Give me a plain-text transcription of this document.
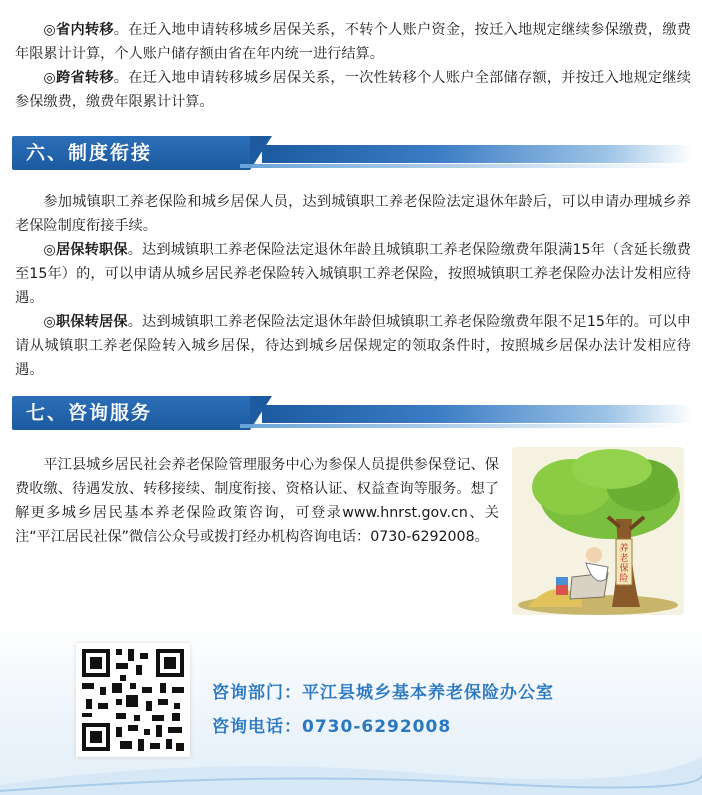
◎省内转移。在迁入地申请转移城乡居保关系，不转个人账户资金，按迁入地规定继续参保缴费，缴费年限累计计算，个人账户储存额由省在年内统一进行结算。

◎跨省转移。在迁入地申请转移城乡居保关系，一次性转移个人账户全部储存额，并按迁入地规定继续参保缴费，缴费年限累计计算。

六、制度衔接

参加城镇职工养老保险和城乡居保人员，达到城镇职工养老保险法定退休年龄后，可以申请办理城乡养老保险制度衔接手续。

◎居保转职保。达到城镇职工养老保险法定退休年龄且城镇职工养老保险缴费年限满15年（含延长缴费至15年）的，可以申请从城乡居民养老保险转入城镇职工养老保险，按照城镇职工养老保险办法计发相应待遇。

◎职保转居保。达到城镇职工养老保险法定退休年龄但城镇职工养老保险缴费年限不足15年的。可以申请从城镇职工养老保险转入城乡居保，待达到城乡居保规定的领取条件时，按照城乡居保办法计发相应待遇。

七、咨询服务

平江县城乡居民社会养老保险管理服务中心为参保人员提供参保登记、保费收缴、待遇发放、转移接续、制度衔接、资格认证、权益查询等服务。想了解更多城乡居民基本养老保险政策咨询，可登录www.hnrst.gov.cn、关注“平江居民社保”微信公众号或拨打经办机构咨询电话：0730-6292008。

养
老
保
险
咨询部门：平江县城乡基本养老保险办公室
咨询电话：0730-6292008
